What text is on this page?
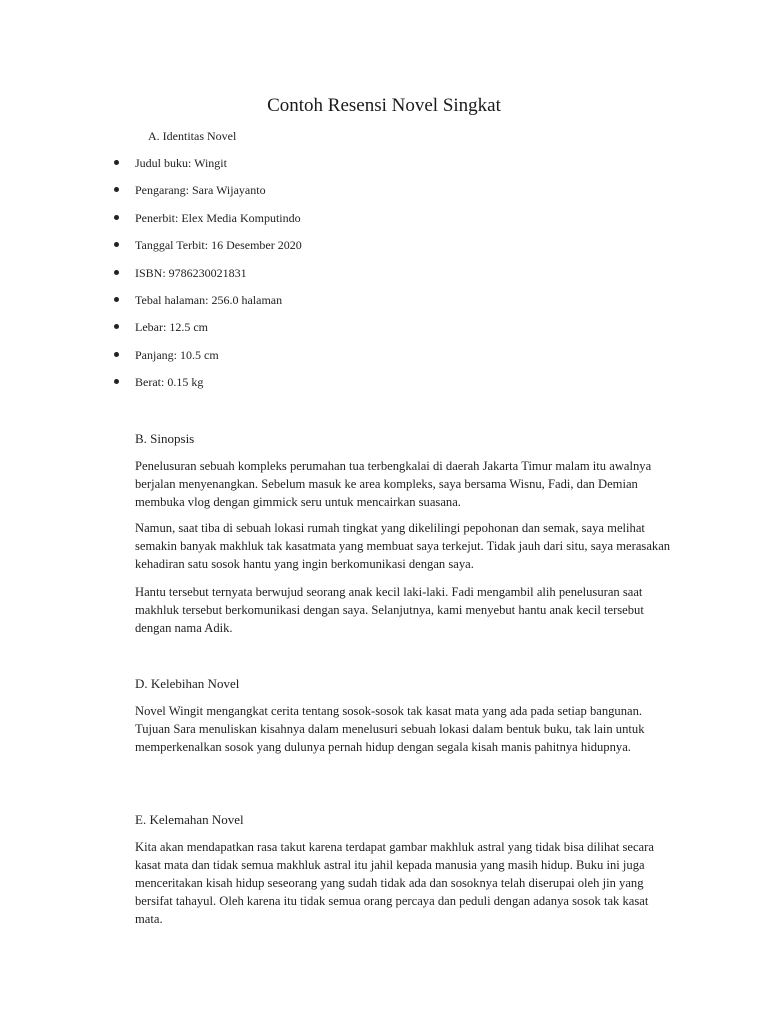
Contoh Resensi Novel Singkat
A. Identitas Novel
Judul buku: Wingit
Pengarang: Sara Wijayanto
Penerbit: Elex Media Komputindo
Tanggal Terbit: 16 Desember 2020
ISBN: 9786230021831
Tebal halaman: 256.0 halaman
Lebar: 12.5 cm
Panjang: 10.5 cm
Berat: 0.15 kg
B. Sinopsis

Penelusuran sebuah kompleks perumahan tua terbengkalai di daerah Jakarta Timur malam itu awalnya berjalan menyenangkan. Sebelum masuk ke area kompleks, saya bersama Wisnu, Fadi, dan Demian membuka vlog dengan gimmick seru untuk mencairkan suasana.

Namun, saat tiba di sebuah lokasi rumah tingkat yang dikelilingi pepohonan dan semak, saya melihat semakin banyak makhluk tak kasatmata yang membuat saya terkejut. Tidak jauh dari situ, saya merasakan kehadiran satu sosok hantu yang ingin berkomunikasi dengan saya.

Hantu tersebut ternyata berwujud seorang anak kecil laki-laki. Fadi mengambil alih penelusuran saat makhluk tersebut berkomunikasi dengan saya. Selanjutnya, kami menyebut hantu anak kecil tersebut dengan nama Adik.

D. Kelebihan Novel

Novel Wingit mengangkat cerita tentang sosok-sosok tak kasat mata yang ada pada setiap bangunan. Tujuan Sara menuliskan kisahnya dalam menelusuri sebuah lokasi dalam bentuk buku, tak lain untuk memperkenalkan sosok yang dulunya pernah hidup dengan segala kisah manis pahitnya hidupnya.

E. Kelemahan Novel

Kita akan mendapatkan rasa takut karena terdapat gambar makhluk astral yang tidak bisa dilihat secara kasat mata dan tidak semua makhluk astral itu jahil kepada manusia yang masih hidup. Buku ini juga menceritakan kisah hidup seseorang yang sudah tidak ada dan sosoknya telah diserupai oleh jin yang bersifat tahayul. Oleh karena itu tidak semua orang percaya dan peduli dengan adanya sosok tak kasat mata.
